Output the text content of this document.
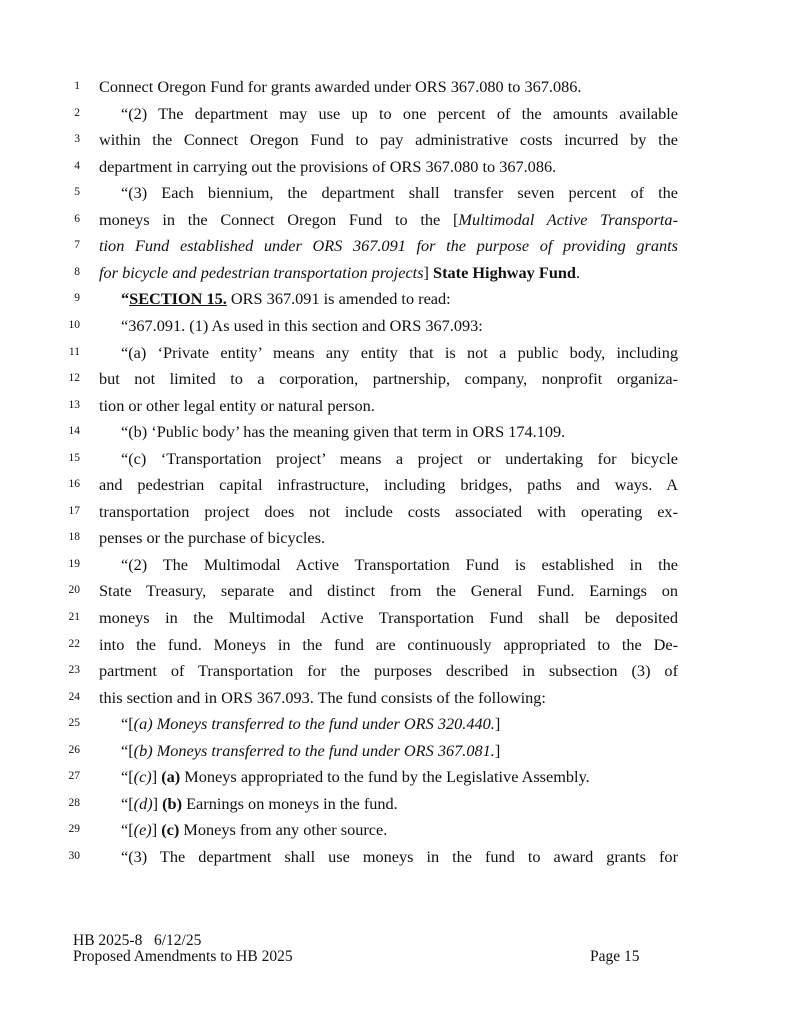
1 Connect Oregon Fund for grants awarded under ORS 367.080 to 367.086.
2	“(2) The department may use up to one percent of the amounts available
3 within the Connect Oregon Fund to pay administrative costs incurred by the
4 department in carrying out the provisions of ORS 367.080 to 367.086.
5	“(3) Each biennium, the department shall transfer seven percent of the
6 moneys in the Connect Oregon Fund to the [Multimodal Active Transporta-
7 tion Fund established under ORS 367.091 for the purpose of providing grants
8 for bicycle and pedestrian transportation projects] State Highway Fund.
9	“SECTION 15. ORS 367.091 is amended to read:
10	“367.091. (1) As used in this section and ORS 367.093:
11	“(a) ‘Private entity’ means any entity that is not a public body, including
12 but not limited to a corporation, partnership, company, nonprofit organiza-
13 tion or other legal entity or natural person.
14	“(b) ‘Public body’ has the meaning given that term in ORS 174.109.
15	“(c) ‘Transportation project’ means a project or undertaking for bicycle
16 and pedestrian capital infrastructure, including bridges, paths and ways. A
17 transportation project does not include costs associated with operating ex-
18 penses or the purchase of bicycles.
19	“(2) The Multimodal Active Transportation Fund is established in the
20 State Treasury, separate and distinct from the General Fund. Earnings on
21 moneys in the Multimodal Active Transportation Fund shall be deposited
22 into the fund. Moneys in the fund are continuously appropriated to the De-
23 partment of Transportation for the purposes described in subsection (3) of
24 this section and in ORS 367.093. The fund consists of the following:
25	“[(a) Moneys transferred to the fund under ORS 320.440.]
26	“[(b) Moneys transferred to the fund under ORS 367.081.]
27	“[(c)] (a) Moneys appropriated to the fund by the Legislative Assembly.
28	“[(d)] (b) Earnings on moneys in the fund.
29	“[(e)] (c) Moneys from any other source.
30	“(3) The department shall use moneys in the fund to award grants for
HB 2025-8 6/12/25
Proposed Amendments to HB 2025	Page 15
